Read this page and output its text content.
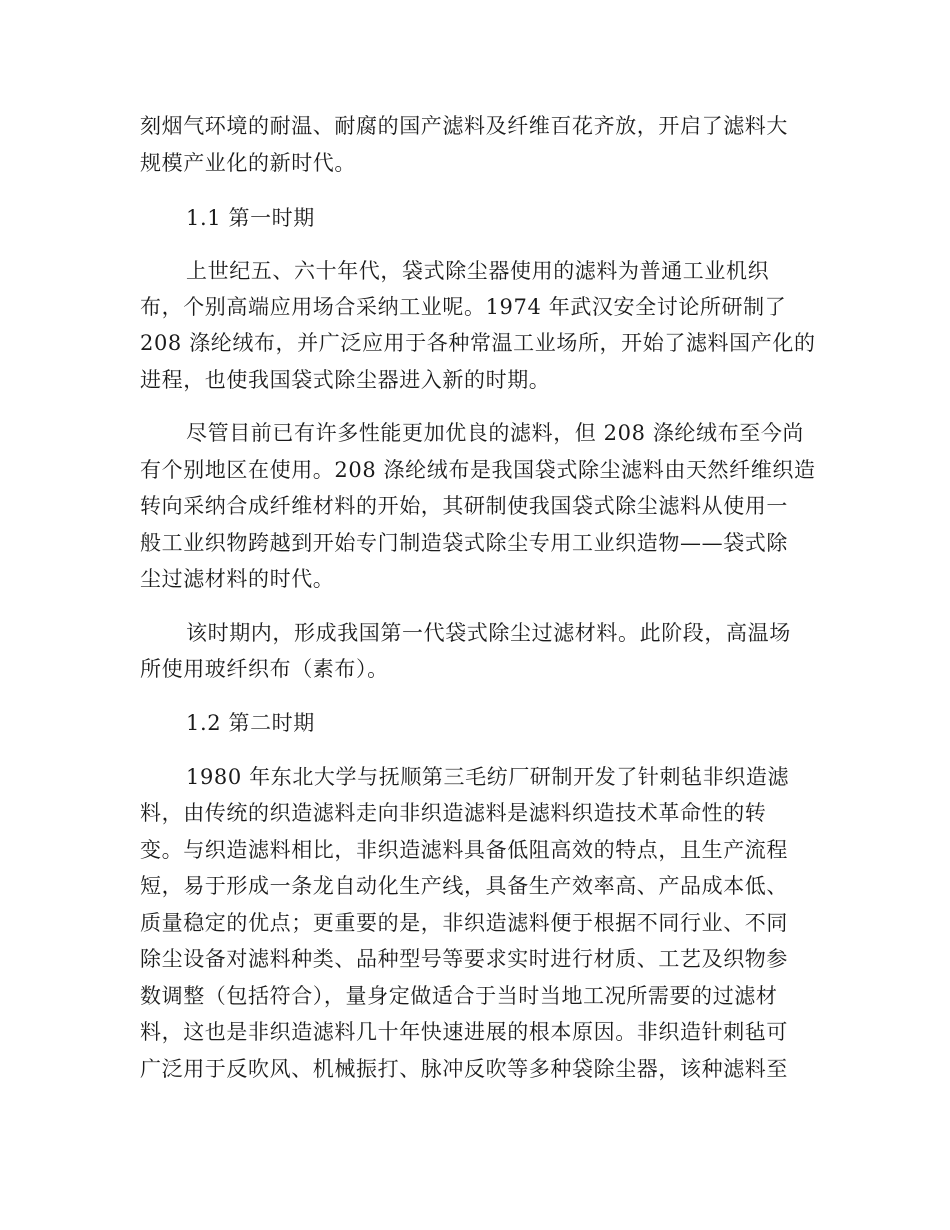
刻烟气环境的耐温、耐腐的国产滤料及纤维百花齐放，开启了滤料大
规模产业化的新时代。
1.1 第一时期
上世纪五、六十年代，袋式除尘器使用的滤料为普通工业机织
布，个别高端应用场合采纳工业呢。1974 年武汉安全讨论所研制了
208 涤纶绒布，并广泛应用于各种常温工业场所，开始了滤料国产化的
进程，也使我国袋式除尘器进入新的时期。
尽管目前已有许多性能更加优良的滤料，但 208 涤纶绒布至今尚
有个别地区在使用。208 涤纶绒布是我国袋式除尘滤料由天然纤维织造
转向采纳合成纤维材料的开始，其研制使我国袋式除尘滤料从使用一
般工业织物跨越到开始专门制造袋式除尘专用工业织造物——袋式除
尘过滤材料的时代。
该时期内，形成我国第一代袋式除尘过滤材料。此阶段，高温场
所使用玻纤织布（素布）。
1.2 第二时期
1980 年东北大学与抚顺第三毛纺厂研制开发了针刺毡非织造滤
料，由传统的织造滤料走向非织造滤料是滤料织造技术革命性的转
变。与织造滤料相比，非织造滤料具备低阻高效的特点，且生产流程
短，易于形成一条龙自动化生产线，具备生产效率高、产品成本低、
质量稳定的优点；更重要的是，非织造滤料便于根据不同行业、不同
除尘设备对滤料种类、品种型号等要求实时进行材质、工艺及织物参
数调整（包括符合），量身定做适合于当时当地工况所需要的过滤材
料，这也是非织造滤料几十年快速进展的根本原因。非织造针刺毡可
广泛用于反吹风、机械振打、脉冲反吹等多种袋除尘器，该种滤料至
